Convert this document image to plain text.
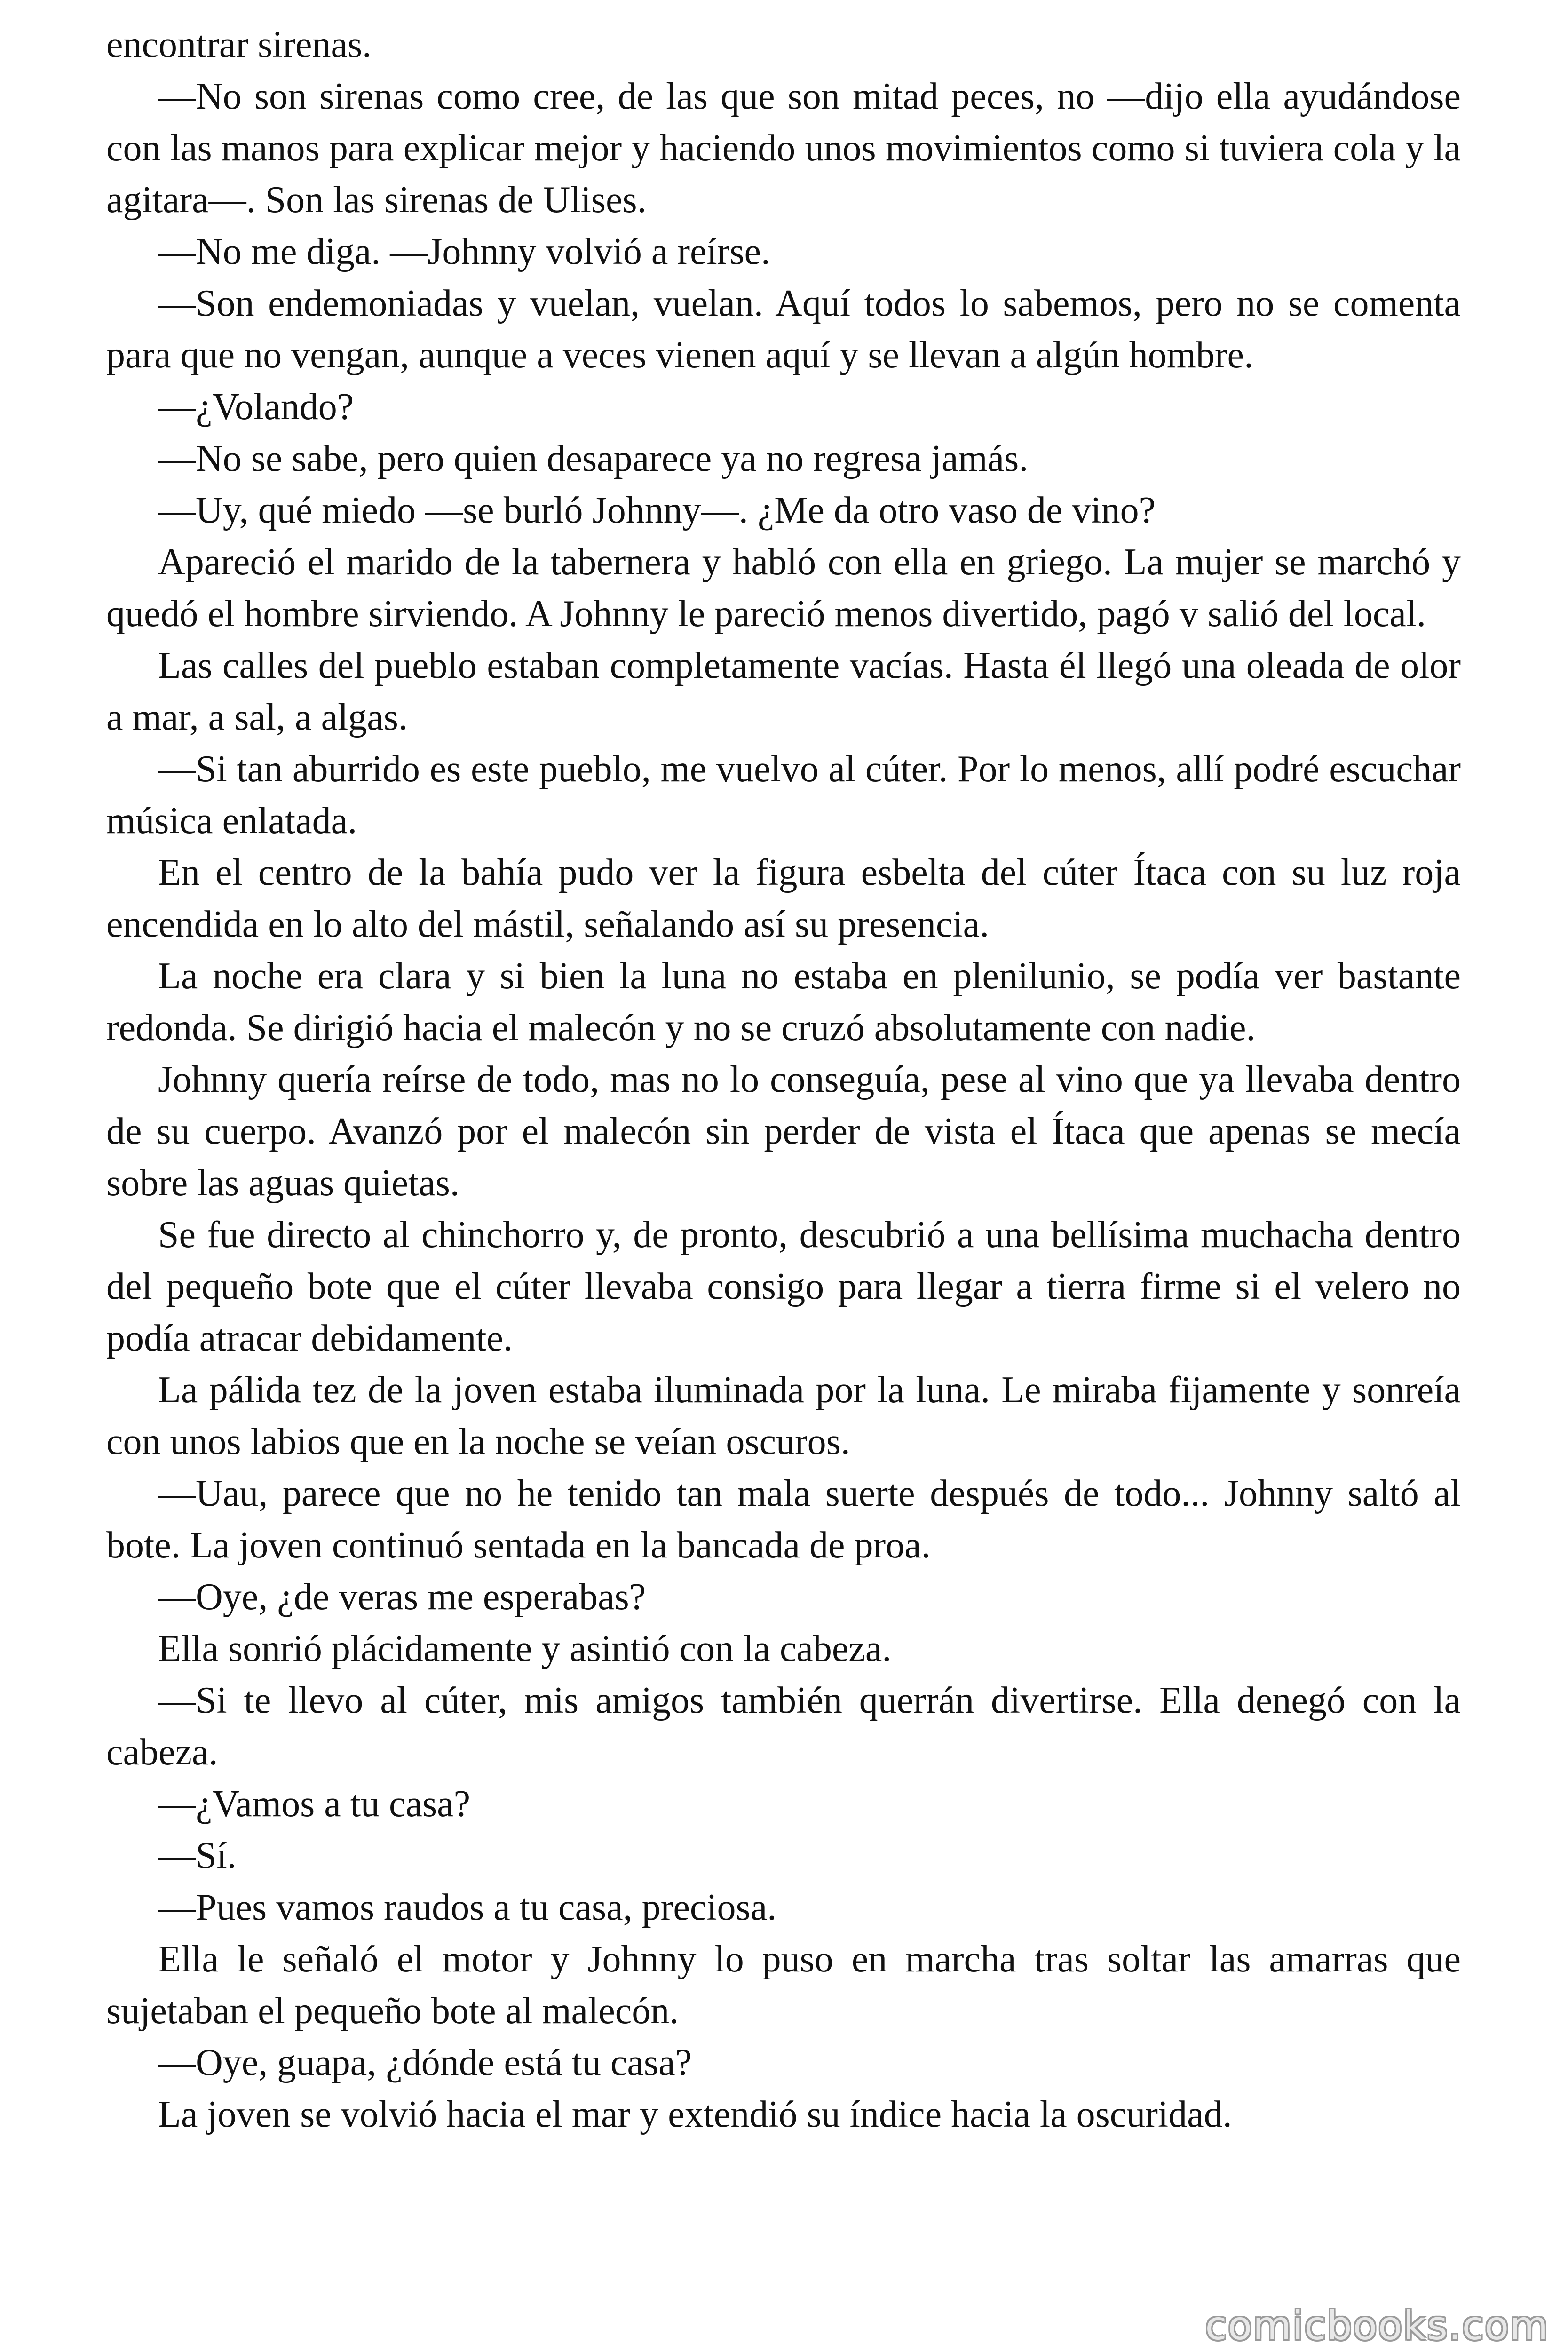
encontrar sirenas.

—No son sirenas como cree, de las que son mitad peces, no —dijo ella ayudándose con las manos para explicar mejor y haciendo unos movimientos como si tuviera cola y la agitara—. Son las sirenas de Ulises.

—No me diga. —Johnny volvió a reírse.

—Son endemoniadas y vuelan, vuelan. Aquí todos lo sabemos, pero no se comenta para que no vengan, aunque a veces vienen aquí y se llevan a algún hombre.

—¿Volando?

—No se sabe, pero quien desaparece ya no regresa jamás.

—Uy, qué miedo —se burló Johnny—. ¿Me da otro vaso de vino?

Apareció el marido de la tabernera y habló con ella en griego. La mujer se marchó y quedó el hombre sirviendo. A Johnny le pareció menos divertido, pagó v salió del local.

Las calles del pueblo estaban completamente vacías. Hasta él llegó una oleada de olor a mar, a sal, a algas.

—Si tan aburrido es este pueblo, me vuelvo al cúter. Por lo menos, allí podré escuchar música enlatada.

En el centro de la bahía pudo ver la figura esbelta del cúter Ítaca con su luz roja encendida en lo alto del mástil, señalando así su presencia.

La noche era clara y si bien la luna no estaba en plenilunio, se podía ver bastante redonda. Se dirigió hacia el malecón y no se cruzó absolutamente con nadie.

Johnny quería reírse de todo, mas no lo conseguía, pese al vino que ya llevaba dentro de su cuerpo. Avanzó por el malecón sin perder de vista el Ítaca que apenas se mecía sobre las aguas quietas.

Se fue directo al chinchorro y, de pronto, descubrió a una bellísima muchacha dentro del pequeño bote que el cúter llevaba consigo para llegar a tierra firme si el velero no podía atracar debidamente.

La pálida tez de la joven estaba iluminada por la luna. Le miraba fijamente y sonreía con unos labios que en la noche se veían oscuros.

—Uau, parece que no he tenido tan mala suerte después de todo... Johnny saltó al bote. La joven continuó sentada en la bancada de proa.

—Oye, ¿de veras me esperabas?

Ella sonrió plácidamente y asintió con la cabeza.

—Si te llevo al cúter, mis amigos también querrán divertirse. Ella denegó con la cabeza.

—¿Vamos a tu casa?

—Sí.

—Pues vamos raudos a tu casa, preciosa.

Ella le señaló el motor y Johnny lo puso en marcha tras soltar las amarras que sujetaban el pequeño bote al malecón.

—Oye, guapa, ¿dónde está tu casa?

La joven se volvió hacia el mar y extendió su índice hacia la oscuridad.

comicbooks.com
